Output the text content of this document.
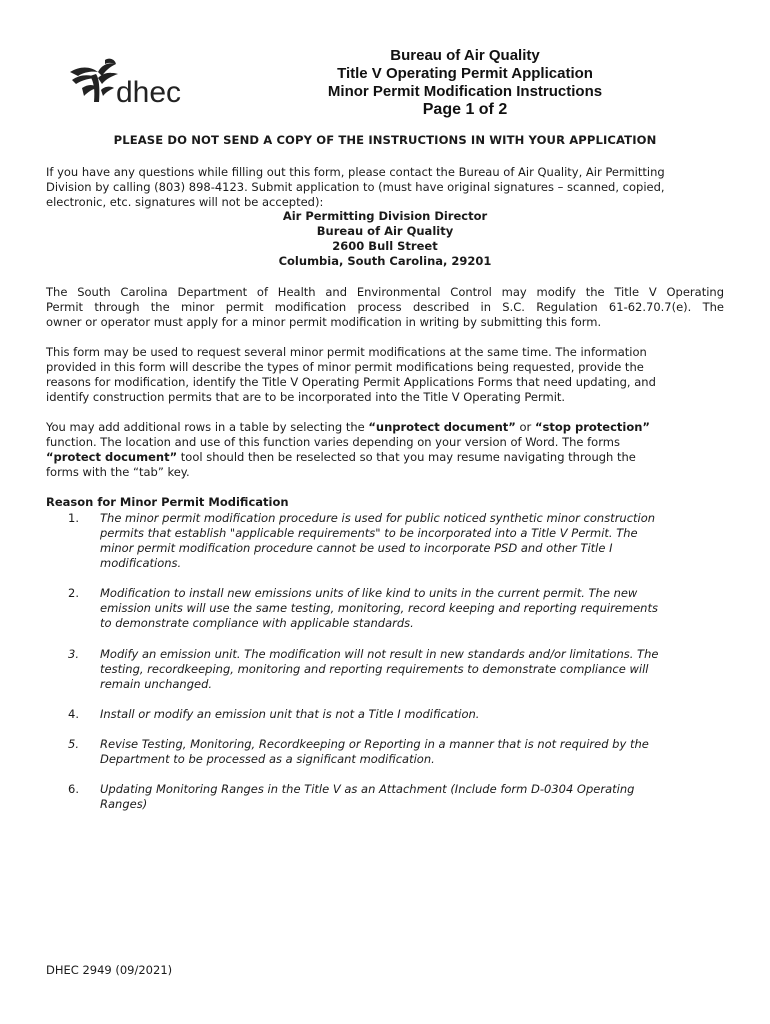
dhec
Bureau of Air Quality
Title V Operating Permit Application
Minor Permit Modification Instructions
Page 1 of 2
PLEASE DO NOT SEND A COPY OF THE INSTRUCTIONS IN WITH YOUR APPLICATION
If you have any questions while filling out this form, please contact the Bureau of Air Quality, Air Permitting
Division by calling (803) 898-4123. Submit application to (must have original signatures – scanned, copied,
electronic, etc. signatures will not be accepted):
Air Permitting Division Director
Bureau of Air Quality
2600 Bull Street
Columbia, South Carolina, 29201
The South Carolina Department of Health and Environmental Control may modify the Title V Operating
Permit through the minor permit modification process described in S.C. Regulation 61-62.70.7(e). The
owner or operator must apply for a minor permit modification in writing by submitting this form.
This form may be used to request several minor permit modifications at the same time. The information
provided in this form will describe the types of minor permit modifications being requested, provide the
reasons for modification, identify the Title V Operating Permit Applications Forms that need updating, and
identify construction permits that are to be incorporated into the Title V Operating Permit.
You may add additional rows in a table by selecting the “unprotect document” or “stop protection”
function. The location and use of this function varies depending on your version of Word. The forms
“protect document” tool should then be reselected so that you may resume navigating through the
forms with the “tab” key.
Reason for Minor Permit Modification
1.	The minor permit modification procedure is used for public noticed synthetic minor construction
permits that establish "applicable requirements" to be incorporated into a Title V Permit. The
minor permit modification procedure cannot be used to incorporate PSD and other Title I
modifications.
2.	Modification to install new emissions units of like kind to units in the current permit. The new
emission units will use the same testing, monitoring, record keeping and reporting requirements
to demonstrate compliance with applicable standards.
3.	Modify an emission unit. The modification will not result in new standards and/or limitations. The
testing, recordkeeping, monitoring and reporting requirements to demonstrate compliance will
remain unchanged.
4.	Install or modify an emission unit that is not a Title I modification.
5.	Revise Testing, Monitoring, Recordkeeping or Reporting in a manner that is not required by the
Department to be processed as a significant modification.
6.	Updating Monitoring Ranges in the Title V as an Attachment (Include form D-0304 Operating
Ranges)
DHEC 2949 (09/2021)
